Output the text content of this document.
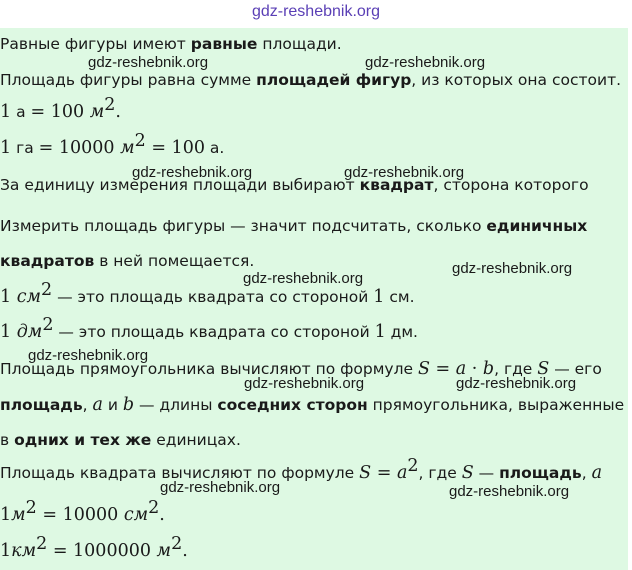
gdz-reshebnik.org
Равные фигуры имеют равные площади.
Площадь фигуры равна сумме площадей фигур, из которых она состоит.
1 а = 100 $м^2$.
1 га = 10000 $м^2 = 100$ а.
За единицу измерения площади выбирают квадрат, сторона которого
Измерить площадь фигуры — значит подсчитать, сколько единичных
квадратов в ней помещается.
1 $см^2$ — это площадь квадрата со стороной 1 см.
1 $дм^2$ — это площадь квадрата со стороной 1 дм.
Площадь прямоугольника вычисляют по формуле S = a · b, где S — его
площадь, a и b — длины соседних сторон прямоугольника, выраженные
в одних и тех же единицах.
Площадь квадрата вычисляют по формуле $S = a^2$, где S — площадь, a
$1м^2 = 10000$ $см^2$.
$1км^2 = 1000000$ $м^2$.
gdz-reshebnik.org	gdz-reshebnik.org
gdz-reshebnik.org	gdz-reshebnik.org
gdz-reshebnik.org
gdz-reshebnik.org
gdz-reshebnik.org
gdz-reshebnik.org	gdz-reshebnik.org
gdz-reshebnik.org	gdz-reshebnik.org
